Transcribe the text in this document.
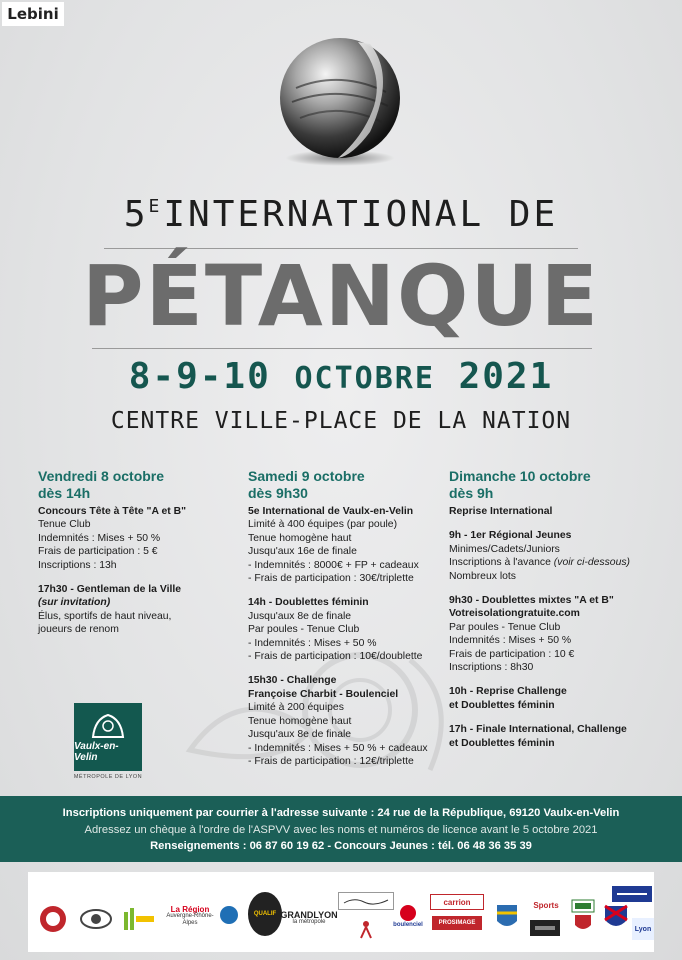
Lebini
$5^E$ INTERNATIONAL DE
PÉTANQUE
8-9-10 OCTOBRE 2021
CENTRE VILLE-PLACE DE LA NATION
Vendredi 8 octobre
dès 14h
Concours Tête à Tête "A et B"
Tenue Club
Indemnités : Mises + 50 %
Frais de participation : 5 €
Inscriptions : 13h
17h30 - Gentleman de la Ville
(sur invitation)
Élus, sportifs de haut niveau,
joueurs de renom
Samedi 9 octobre
dès 9h30
5e International de Vaulx-en-Velin
Limité à 400 équipes (par poule)
Tenue homogène haut
Jusqu'aux 16e de finale
- Indemnités : 8000€ + FP + cadeaux
- Frais de participation : 30€/triplette
14h - Doublettes féminin
Jusqu'aux 8e de finale
Par poules - Tenue Club
- Indemnités : Mises + 50 %
- Frais de participation : 10€/doublette
15h30 - Challenge
Françoise Charbit - Boulenciel
Limité à 200 équipes
Tenue homogène haut
Jusqu'aux 8e de finale
- Indemnités : Mises + 50 % + cadeaux
- Frais de participation : 12€/triplette
Dimanche 10 octobre
dès 9h
Reprise International
9h - 1er Régional Jeunes
Minimes/Cadets/Juniors
Inscriptions à l'avance (voir ci-dessous)
Nombreux lots
9h30 - Doublettes mixtes "A et B"
Votreisolationgratuite.com
Par poules - Tenue Club
Indemnités : Mises + 50 %
Frais de participation : 10 €
Inscriptions : 8h30
10h - Reprise Challenge
et Doublettes féminin
17h - Finale International, Challenge
et Doublettes féminin
Vaulx-en-Velin
MÉTROPOLE DE LYON
Inscriptions uniquement par courrier à l'adresse suivante : 24 rue de la République, 69120 Vaulx-en-Velin
Adressez un chèque à l'ordre de l'ASPVV avec les noms et numéros de licence avant le 5 octobre 2021
Renseignements : 06 87 60 19 62 - Concours Jeunes : tél. 06 48 36 35 39
La Région
Auvergne-Rhône-Alpes
QUALIF GRANDLYON
la métropole	boulenciel
carrion
PROSIMAGE
Sports
Lyon
